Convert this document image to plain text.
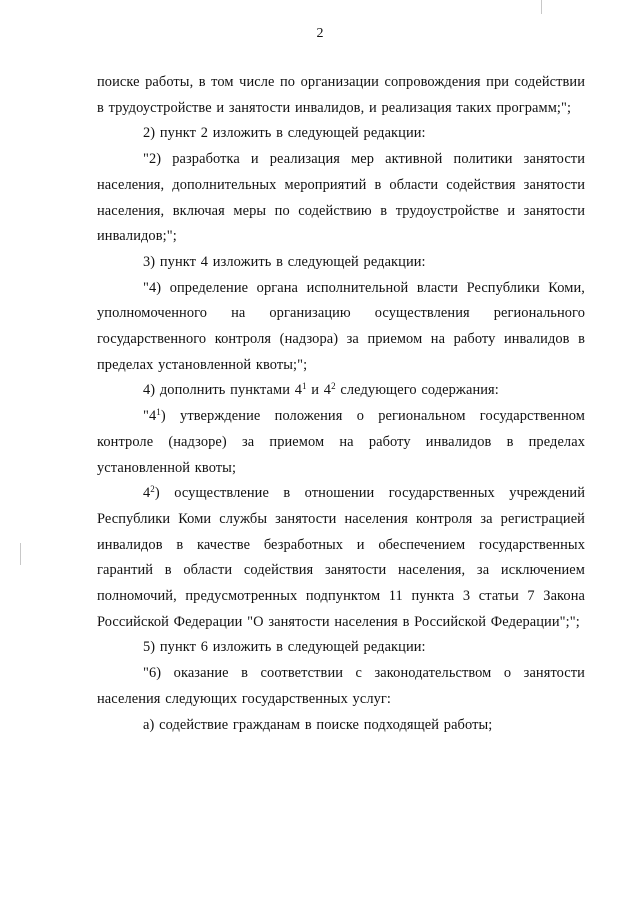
2

поиске работы, в том числе по организации сопровождения при содействии в трудоустройстве и занятости инвалидов, и реализация таких программ;";

2) пункт 2 изложить в следующей редакции:

"2) разработка и реализация мер активной политики занятости населения, дополнительных мероприятий в области содействия занятости населения, включая меры по содействию в трудоустройстве и занятости инвалидов;";

3) пункт 4 изложить в следующей редакции:

"4) определение органа исполнительной власти Республики Коми, уполномоченного на организацию осуществления регионального государственного контроля (надзора) за приемом на работу инвалидов в пределах установленной квоты;";

4) дополнить пунктами $4^1$ и $4^2$ следующего содержания:

"$4^1$) утверждение положения о региональном государственном контроле (надзоре) за приемом на работу инвалидов в пределах установленной квоты;

$4^2$) осуществление в отношении государственных учреждений Республики Коми службы занятости населения контроля за регистрацией инвалидов в качестве безработных и обеспечением государственных гарантий в области содействия занятости населения, за исключением полномочий, предусмотренных подпунктом 11 пункта 3 статьи 7 Закона Российской Федерации "О занятости населения в Российской Федерации";";

5) пункт 6 изложить в следующей редакции:

"6) оказание в соответствии с законодательством о занятости населения следующих государственных услуг:

а) содействие гражданам в поиске подходящей работы;
